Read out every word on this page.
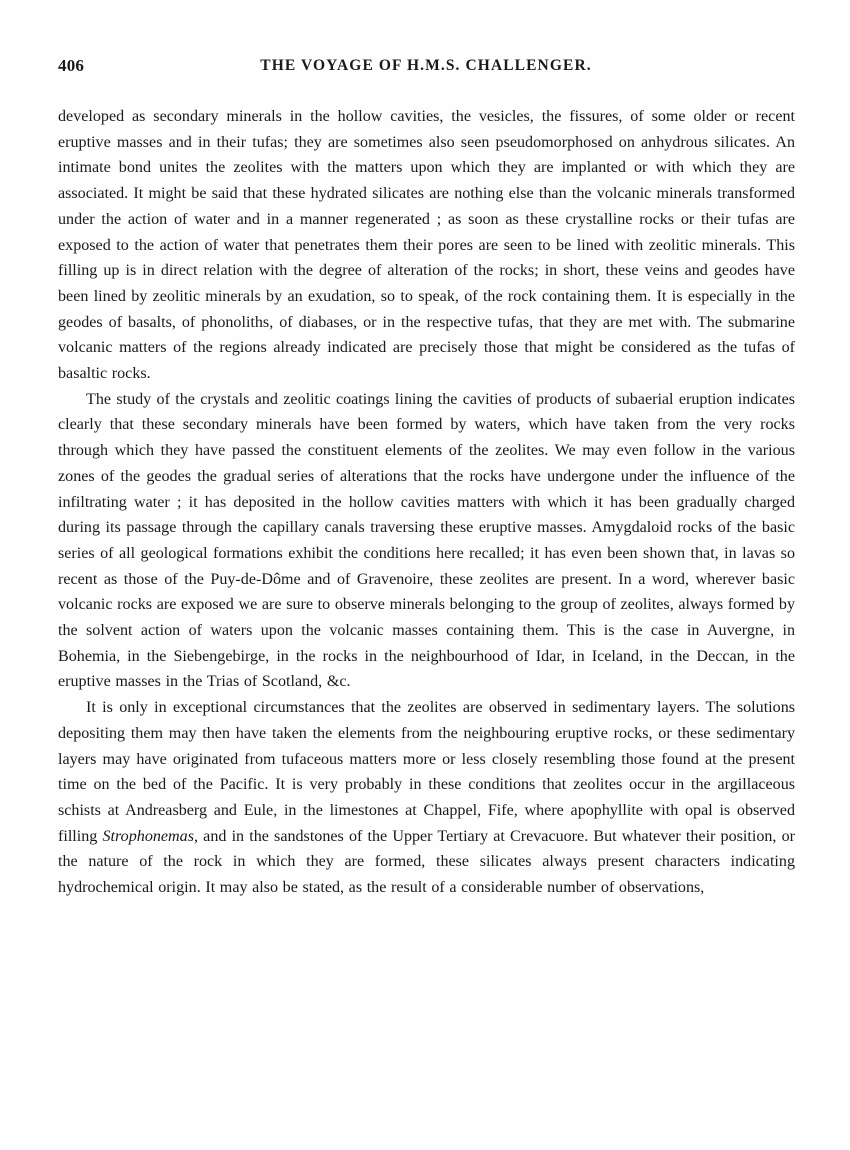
406	THE VOYAGE OF H.M.S. CHALLENGER.

developed as secondary minerals in the hollow cavities, the vesicles, the fissures, of some older or recent eruptive masses and in their tufas; they are sometimes also seen pseudomorphosed on anhydrous silicates. An intimate bond unites the zeolites with the matters upon which they are implanted or with which they are associated. It might be said that these hydrated silicates are nothing else than the volcanic minerals transformed under the action of water and in a manner regenerated ; as soon as these crystalline rocks or their tufas are exposed to the action of water that penetrates them their pores are seen to be lined with zeolitic minerals. This filling up is in direct relation with the degree of alteration of the rocks; in short, these veins and geodes have been lined by zeolitic minerals by an exudation, so to speak, of the rock containing them. It is especially in the geodes of basalts, of phonoliths, of diabases, or in the respective tufas, that they are met with. The submarine volcanic matters of the regions already indicated are precisely those that might be considered as the tufas of basaltic rocks.

The study of the crystals and zeolitic coatings lining the cavities of products of subaerial eruption indicates clearly that these secondary minerals have been formed by waters, which have taken from the very rocks through which they have passed the constituent elements of the zeolites. We may even follow in the various zones of the geodes the gradual series of alterations that the rocks have undergone under the influence of the infiltrating water ; it has deposited in the hollow cavities matters with which it has been gradually charged during its passage through the capillary canals traversing these eruptive masses. Amygdaloid rocks of the basic series of all geological formations exhibit the conditions here recalled; it has even been shown that, in lavas so recent as those of the Puy-de-Dôme and of Gravenoire, these zeolites are present. In a word, wherever basic volcanic rocks are exposed we are sure to observe minerals belonging to the group of zeolites, always formed by the solvent action of waters upon the volcanic masses containing them. This is the case in Auvergne, in Bohemia, in the Siebengebirge, in the rocks in the neighbourhood of Idar, in Iceland, in the Deccan, in the eruptive masses in the Trias of Scotland, &c.

It is only in exceptional circumstances that the zeolites are observed in sedimentary layers. The solutions depositing them may then have taken the elements from the neighbouring eruptive rocks, or these sedimentary layers may have originated from tufaceous matters more or less closely resembling those found at the present time on the bed of the Pacific. It is very probably in these conditions that zeolites occur in the argillaceous schists at Andreasberg and Eule, in the limestones at Chappel, Fife, where apophyllite with opal is observed filling Strophonemas, and in the sandstones of the Upper Tertiary at Crevacuore. But whatever their position, or the nature of the rock in which they are formed, these silicates always present characters indicating hydrochemical origin. It may also be stated, as the result of a considerable number of observations,
